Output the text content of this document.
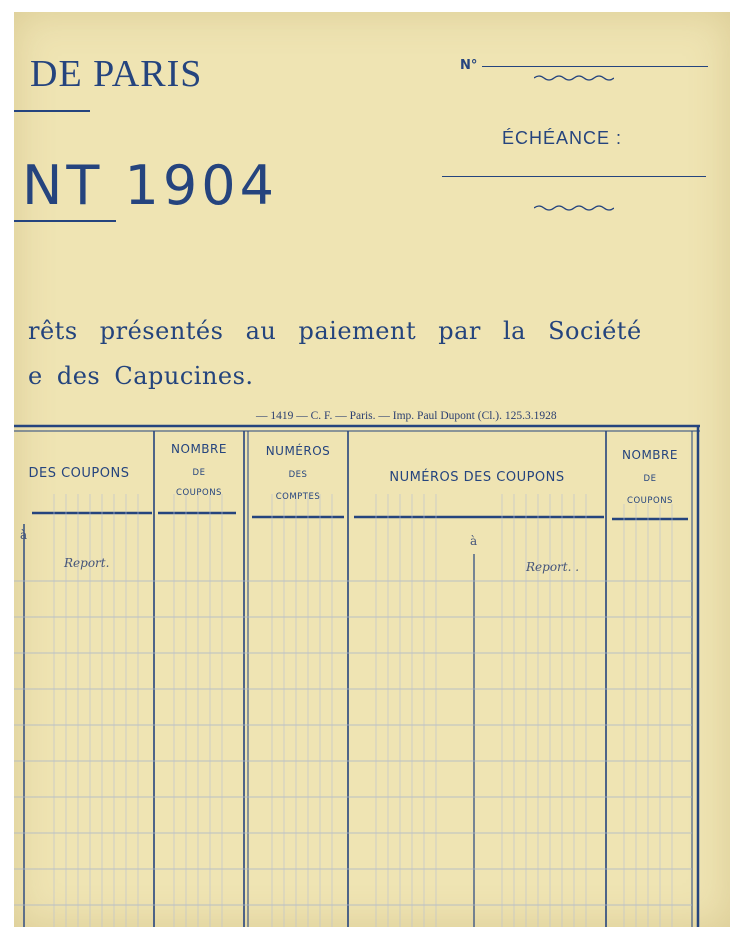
DE PARIS
NT 1904
N°
ÉCHÉANCE :
rêts présentés au paiement par la Société
e des Capucines.
— 1419 — C. F. — Paris. — Imp. Paul Dupont (Cl.). 125.3.1928
DES COUPONS
NOMBRE
DE
COUPONS
NUMÉROS
DES
COMPTES
NUMÉROS DES COUPONS
NOMBRE
DE
COUPONS
à
Report.
à
Report. .
